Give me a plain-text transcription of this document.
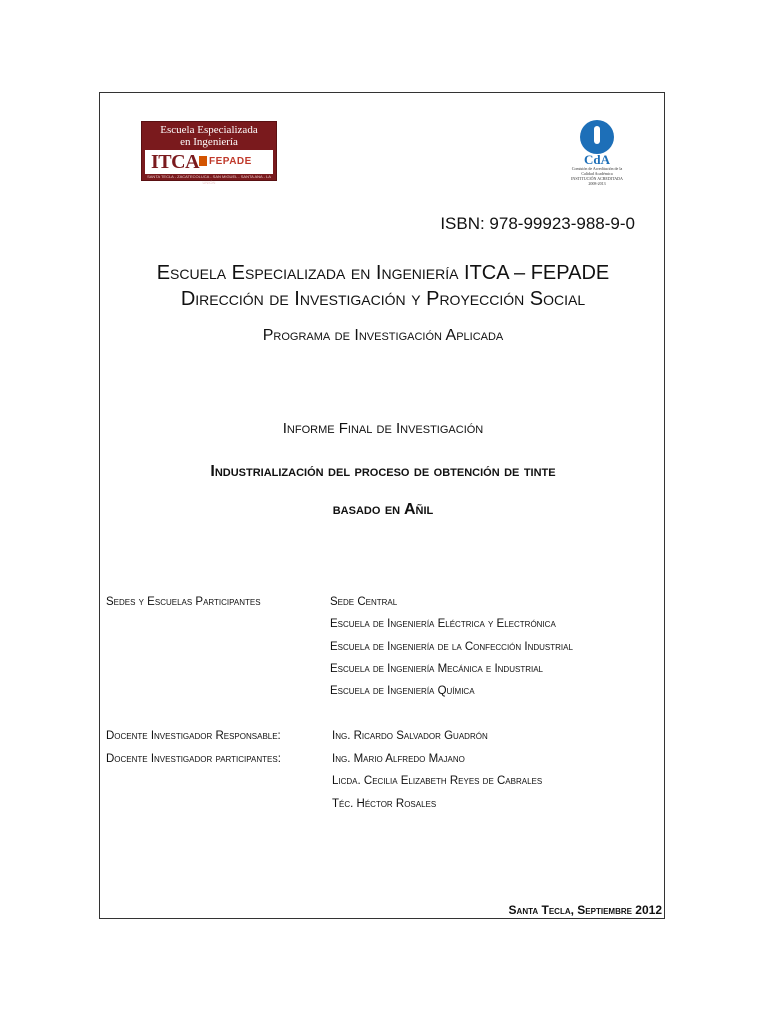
Escuela Especializada
en Ingeniería
ITCA FEPADE
SANTA TECLA - ZACATECOLUCA - SAN MIGUEL - SANTA ANA - LA UNIÓN
CdA
Comisión de Acreditación de la Calidad Académica INSTITUCIÓN ACREDITADA 2008-2013
ISBN: 978-99923-988-9-0
Escuela Especializada en Ingeniería ITCA – FEPADE
Dirección de Investigación y Proyección Social
Programa de Investigación Aplicada
Informe Final de Investigación
Industrialización del proceso de obtención de tinte
basado en Añil
Sedes y Escuelas Participantes	Sede Central
Escuela de Ingeniería Eléctrica y Electrónica
Escuela de Ingeniería de la Confección Industrial
Escuela de Ingeniería Mecánica e Industrial
Escuela de Ingeniería Química
Docente Investigador Responsable:
Docente Investigador participantes:
Ing. Ricardo Salvador Guadrón
Ing. Mario Alfredo Majano
Licda. Cecilia Elizabeth Reyes de Cabrales
Téc. Héctor Rosales
Santa Tecla, Septiembre 2012
